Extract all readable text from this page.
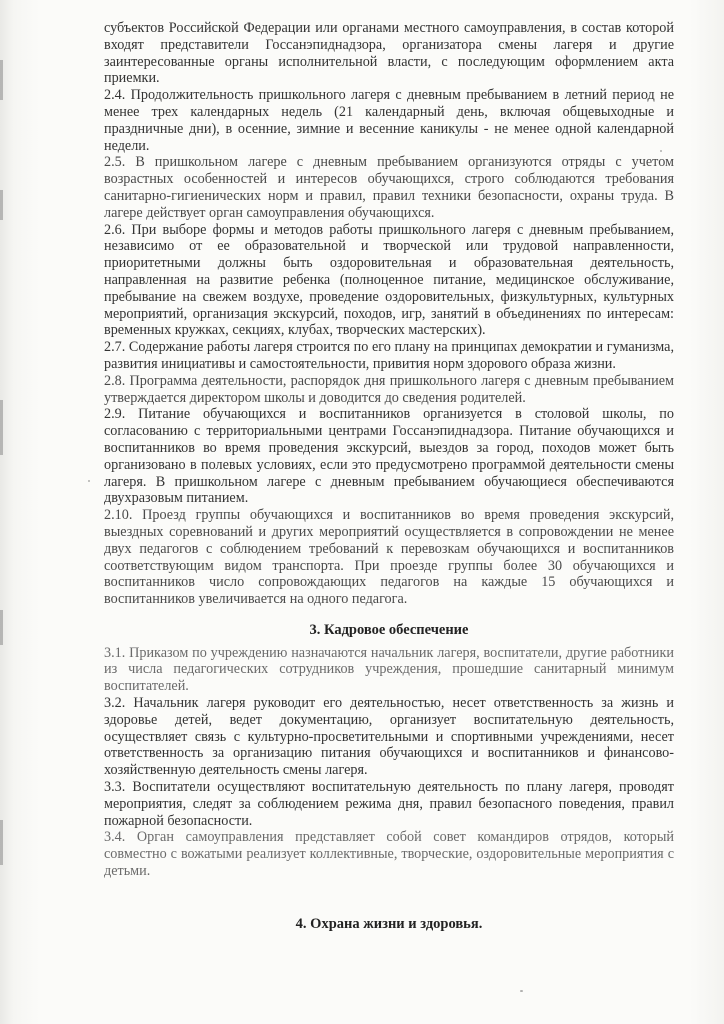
субъектов Российской Федерации или органами местного самоуправления, в состав которой входят представители Госсанэпиднадзора, организатора смены лагеря и другие заинтересованные органы исполнительной власти, с последующим оформлением акта приемки.

2.4. Продолжительность пришкольного лагеря с дневным пребыванием в летний период не менее трех календарных недель (21 календарный день, включая общевыходные и праздничные дни), в осенние, зимние и весенние каникулы - не менее одной календарной недели.

2.5. В пришкольном лагере с дневным пребыванием организуются отряды с учетом возрастных особенностей и интересов обучающихся, строго соблюдаются требования санитарно-гигиенических норм и правил, правил техники безопасности, охраны труда. В лагере действует орган самоуправления обучающихся.

2.6. При выборе формы и методов работы пришкольного лагеря с дневным пребыванием, независимо от ее образовательной и творческой или трудовой направленности, приоритетными должны быть оздоровительная и образовательная деятельность, направленная на развитие ребенка (полноценное питание, медицинское обслуживание, пребывание на свежем воздухе, проведение оздоровительных, физкультурных, культурных мероприятий, организация экскурсий, походов, игр, занятий в объединениях по интересам: временных кружках, секциях, клубах, творческих мастерских).

2.7. Содержание работы лагеря строится по его плану на принципах демократии и гуманизма, развития инициативы и самостоятельности, привития норм здорового образа жизни.

2.8. Программа деятельности, распорядок дня пришкольного лагеря с дневным пребыванием утверждается директором школы и доводится до сведения родителей.

2.9. Питание обучающихся и воспитанников организуется в столовой школы, по согласованию с территориальными центрами Госсанэпиднадзора. Питание обучающихся и воспитанников во время проведения экскурсий, выездов за город, походов может быть организовано в полевых условиях, если это предусмотрено программой деятельности смены лагеря. В пришкольном лагере с дневным пребыванием обучающиеся обеспечиваются двухразовым питанием.

2.10. Проезд группы обучающихся и воспитанников во время проведения экскурсий, выездных соревнований и других мероприятий осуществляется в сопровождении не менее двух педагогов с соблюдением требований к перевозкам обучающихся и воспитанников соответствующим видом транспорта. При проезде группы более 30 обучающихся и воспитанников число сопровождающих педагогов на каждые 15 обучающихся и воспитанников увеличивается на одного педагога.

3. Кадровое обеспечение

3.1. Приказом по учреждению назначаются начальник лагеря, воспитатели, другие работники из числа педагогических сотрудников учреждения, прошедшие санитарный минимум воспитателей.

3.2. Начальник лагеря руководит его деятельностью, несет ответственность за жизнь и здоровье детей, ведет документацию, организует воспитательную деятельность, осуществляет связь с культурно-просветительными и спортивными учреждениями, несет ответственность за организацию питания обучающихся и воспитанников и финансово-хозяйственную деятельность смены лагеря.

3.3. Воспитатели осуществляют воспитательную деятельность по плану лагеря, проводят мероприятия, следят за соблюдением режима дня, правил безопасного поведения, правил пожарной безопасности.

3.4. Орган самоуправления представляет собой совет командиров отрядов, который совместно с вожатыми реализует коллективные, творческие, оздоровительные мероприятия с детьми.

4. Охрана жизни и здоровья.
